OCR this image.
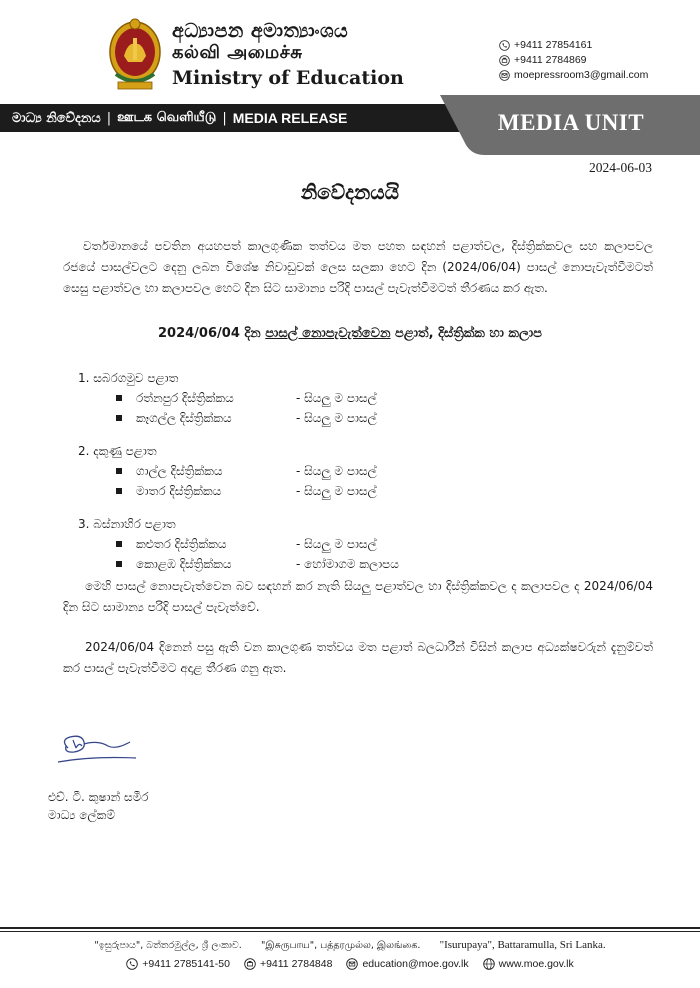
අධ්‍යාපන අමාත්‍යාංශය
கல்வி அமைச்சு
Ministry of Education
+9411 27854161
+9411 2784869
moepressroom3@gmail.com
මාධ්‍ය නිවේදනය | ஊடக வெளியீடு | MEDIA RELEASE	MEDIA UNIT
2024-06-03
නිවේදනයයි
වර්තමානයේ පවතින අයහපත් කාලගුණික තත්වය මත පහත සඳහන් පළාත්වල, දිස්ත්‍රික්කවල සහ කලාපවල රජයේ පාසල්වලට දෙනු ලබන විශේෂ නිවාඩුවක් ලෙස සලකා හෙට දින (2024/06/04) පාසල් නොපැවැත්වීමටත් සෙසු පළාත්වල හා කලාපවල හෙට දින සිට සාමාන්‍ය පරිදි පාසල් පැවැත්වීමටත් තීරණය කර ඇත.
2024/06/04 දින පාසල් නොපැවැත්වෙන පළාත්, දිස්ත්‍රික්ක හා කලාප
1. සබරගමුව පළාත
රත්නපුර දිස්ත්‍රික්කය	- සියලු ම පාසල්
කෑගල්ල දිස්ත්‍රික්කය	- සියලු ම පාසල්
2. දකුණු පළාත
ගාල්ල දිස්ත්‍රික්කය	- සියලු ම පාසල්
මාතර දිස්ත්‍රික්කය	- සියලු ම පාසල්
3. බස්නාහිර පළාත
කළුතර දිස්ත්‍රික්කය	- සියලු ම පාසල්
කොළඹ දිස්ත්‍රික්කය	- හෝමාගම කලාපය
මෙහි පාසල් නොපැවැත්වෙන බව සඳහන් කර නැති සියලු පළාත්වල හා දිස්ත්‍රික්කවල ද කලාපවල ද 2024/06/04 දින සිට සාමාන්‍ය පරිදි පාසල් පැවැත්වේ.
2024/06/04 දිනෙන් පසු ඇති වන කාලගුණ තත්වය මත පළාත් බලධාරීන් විසින් කලාප අධ්‍යක්ෂවරුන් දැනුම්වත් කර පාසල් පැවැත්වීමට අදාළ තීරණ ගනු ඇත.
එච්. ටී. කුෂාන් සමීර
මාධ්‍ය ලේකම්
"ඉසුරුපාය", බත්තරමුල්ල, ශ්‍රී ලංකාව. "இசுருபாய", பத்தரமுல்ல, இலங்கை. "Isurupaya", Battaramulla, Sri Lanka.
+9411 2785141-50	+9411 2784848	education@moe.gov.lk	www.moe.gov.lk
